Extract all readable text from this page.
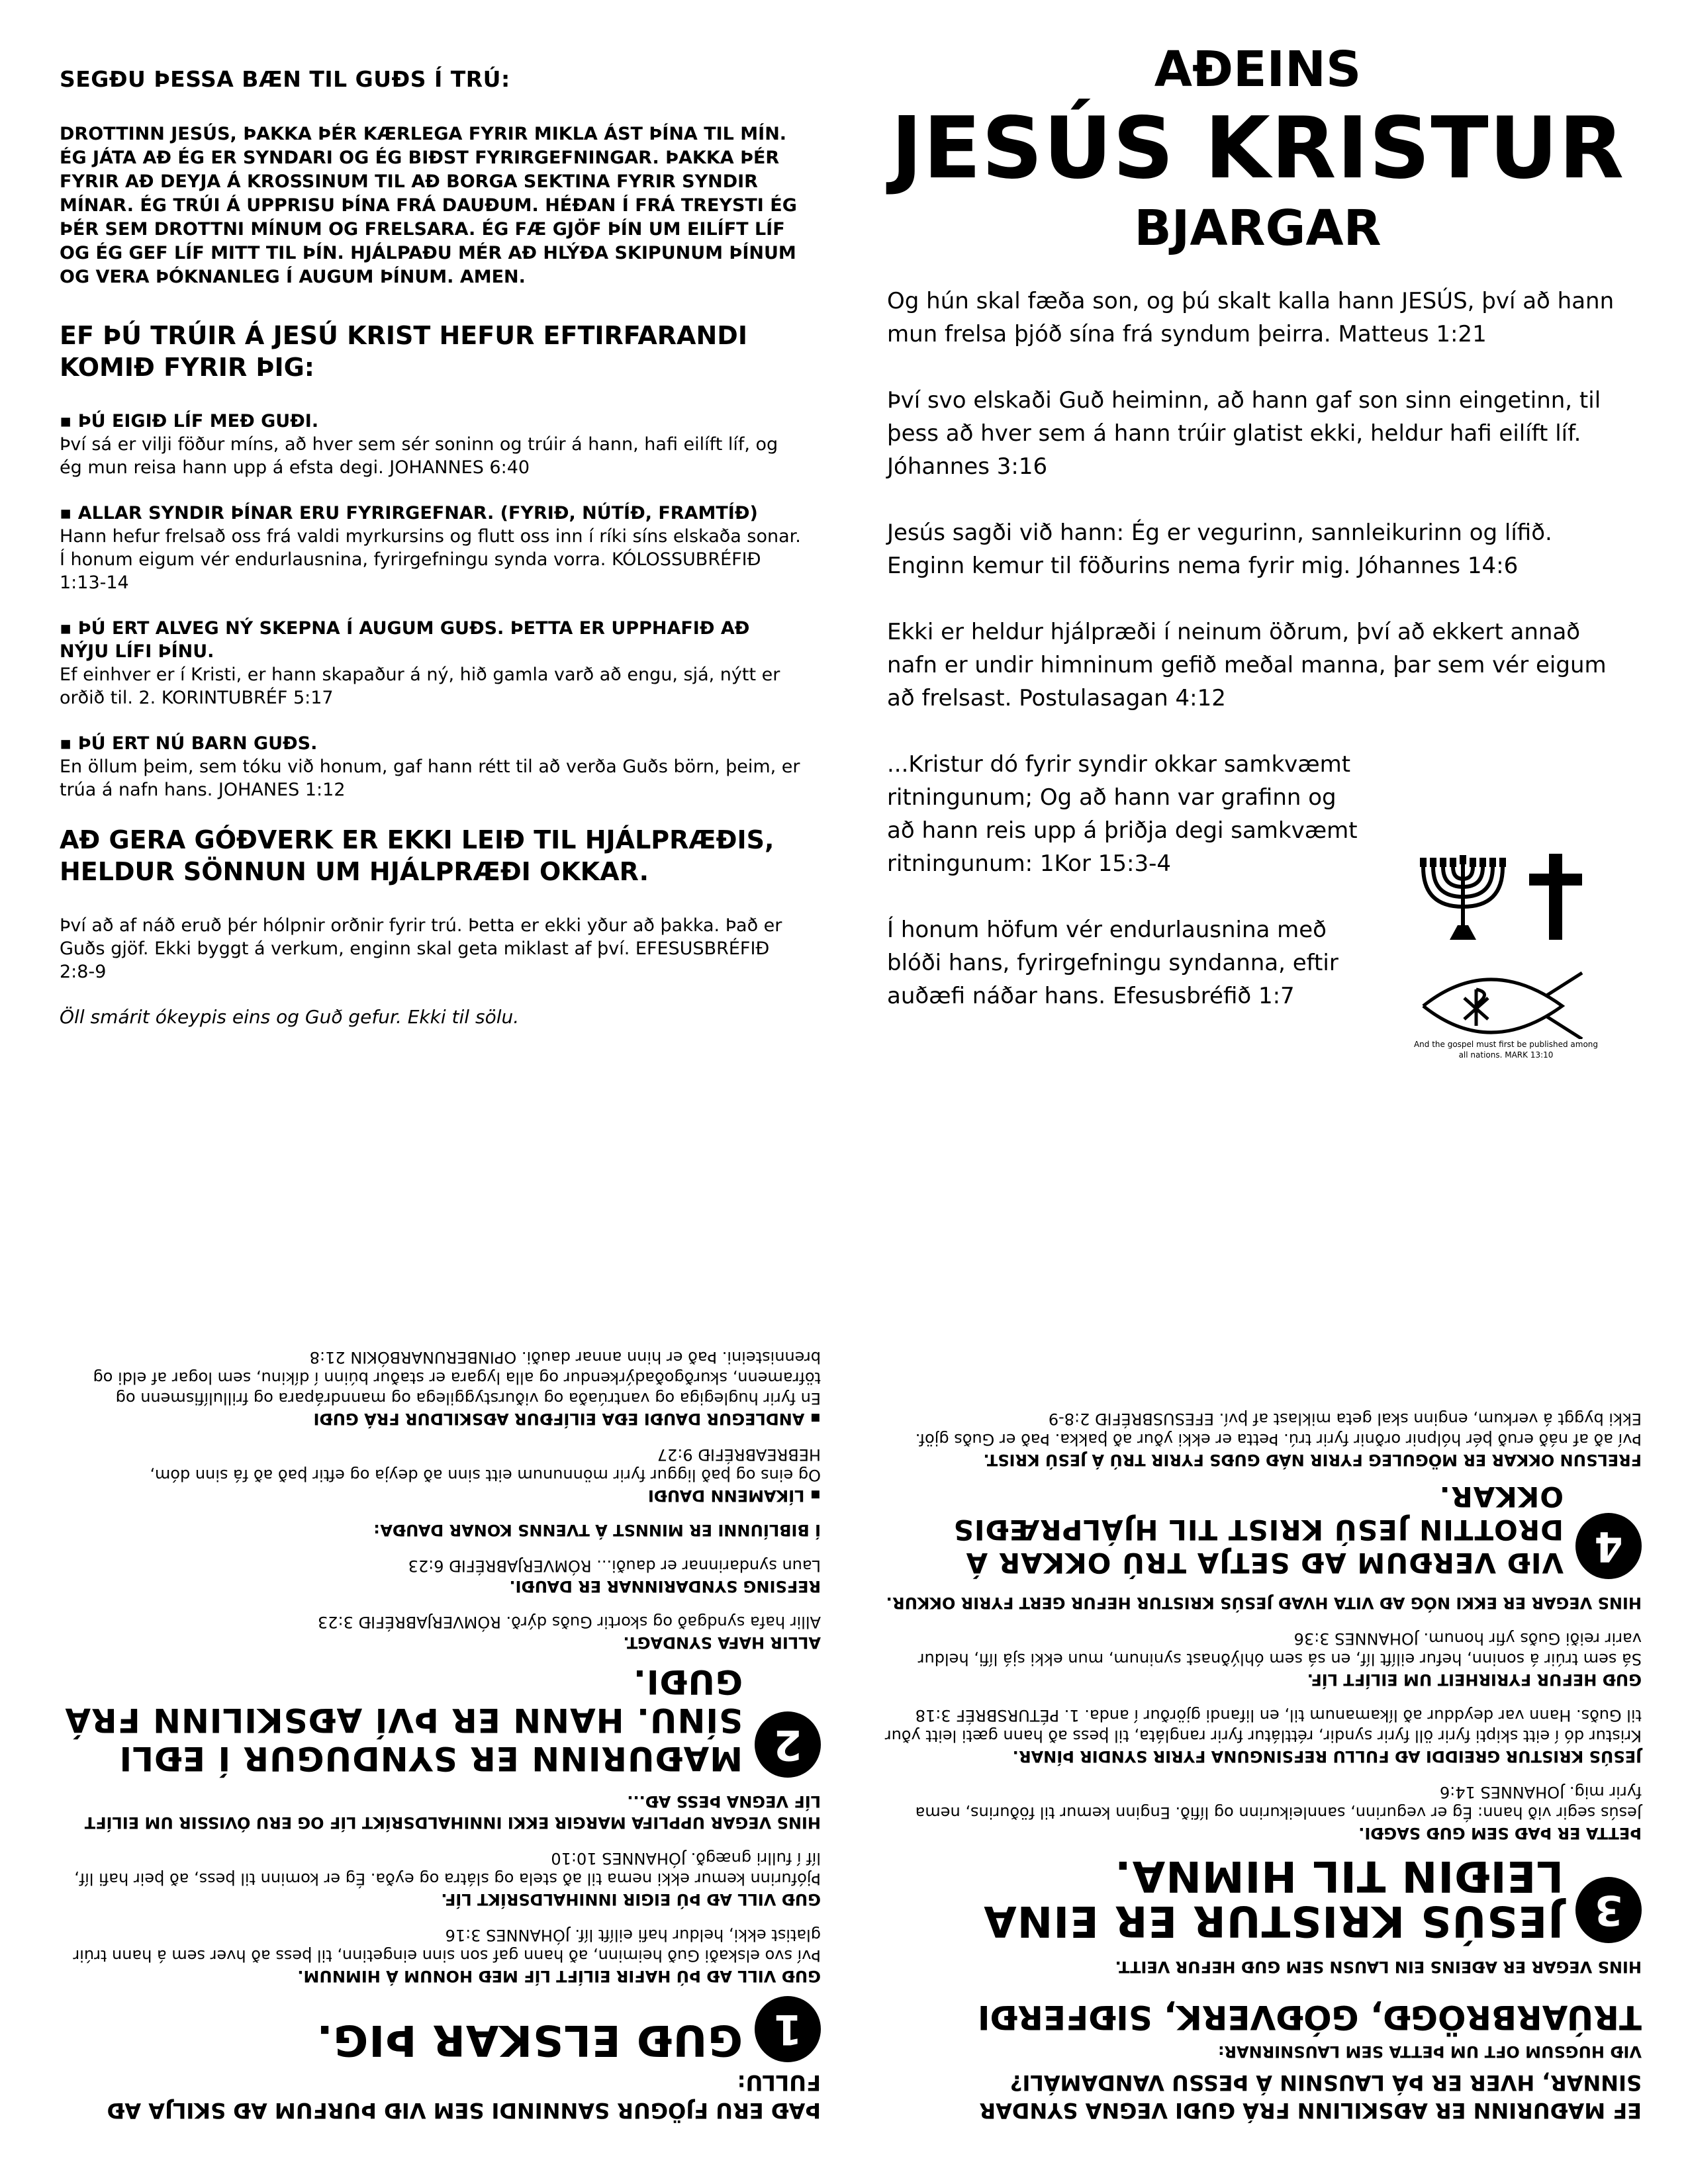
SEGÐU ÞESSA BÆN TIL GUÐS Í TRÚ:
DROTTINN JESÚS, ÞAKKA ÞÉR KÆRLEGA FYRIR MIKLA ÁST ÞÍNA TIL MÍN. ÉG JÁTA AÐ ÉG ER SYNDARI OG ÉG BIÐST FYRIRGEFNINGAR. ÞAKKA ÞÉR FYRIR AÐ DEYJA Á KROSSINUM TIL AÐ BORGA SEKTINA FYRIR SYNDIR MÍNAR. ÉG TRÚI Á UPPRISU ÞÍNA FRÁ DAUÐUM. HÉÐAN Í FRÁ TREYSTI ÉG ÞÉR SEM DROTTNI MÍNUM OG FRELSARA. ÉG FÆ GJÖF ÞÍN UM EILÍFT LÍF OG ÉG GEF LÍF MITT TIL ÞÍN. HJÁLPAÐU MÉR AÐ HLÝÐA SKIPUNUM ÞÍNUM OG VERA ÞÓKNANLEG Í AUGUM ÞÍNUM. AMEN.
EF ÞÚ TRÚIR Á JESÚ KRIST HEFUR EFTIRFARANDI KOMIÐ FYRIR ÞIG:
▪ ÞÚ EIGIÐ LÍF MEÐ GUÐI.
Því sá er vilji föður míns, að hver sem sér soninn og trúir á hann, hafi eilíft líf, og ég mun reisa hann upp á efsta degi. JOHANNES 6:40
▪ ALLAR SYNDIR ÞÍNAR ERU FYRIRGEFNAR. (FYRIÐ, NÚTÍÐ, FRAMTÍÐ)
Hann hefur frelsað oss frá valdi myrkursins og flutt oss inn í ríki síns elskaða sonar. Í honum eigum vér endurlausnina, fyrirgefningu synda vorra. KÓLOSSUBRÉFIÐ 1:13-14
▪ ÞÚ ERT ALVEG NÝ SKEPNA Í AUGUM GUÐS. ÞETTA ER UPPHAFIÐ AÐ NÝJU LÍFI ÞÍNU.
Ef einhver er í Kristi, er hann skapaður á ný, hið gamla varð að engu, sjá, nýtt er orðið til. 2. KORINTUBRÉF 5:17
▪ ÞÚ ERT NÚ BARN GUÐS.
En öllum þeim, sem tóku við honum, gaf hann rétt til að verða Guðs börn, þeim, er trúa á nafn hans. JOHANES 1:12
AÐ GERA GÓÐVERK ER EKKI LEIÐ TIL HJÁLPRÆÐIS, HELDUR SÖNNUN UM HJÁLPRÆÐI OKKAR.
Því að af náð eruð þér hólpnir orðnir fyrir trú. Þetta er ekki yður að þakka. Það er Guðs gjöf. Ekki byggt á verkum, enginn skal geta miklast af því. EFESUSBRÉFIÐ 2:8-9
Öll smárit ókeypis eins og Guð gefur. Ekki til sölu.
AÐEINS
JESÚS KRISTUR
BJARGAR
Og hún skal fæða son, og þú skalt kalla hann JESÚS, því að hann mun frelsa þjóð sína frá syndum þeirra. Matteus 1:21
Því svo elskaði Guð heiminn, að hann gaf son sinn eingetinn, til þess að hver sem á hann trúir glatist ekki, heldur hafi eilíft líf. Jóhannes 3:16
Jesús sagði við hann: Ég er vegurinn, sannleikurinn og lífið. Enginn kemur til föðurins nema fyrir mig. Jóhannes 14:6
Ekki er heldur hjálpræði í neinum öðrum, því að ekkert annað nafn er undir himninum gefið meðal manna, þar sem vér eigum að frelsast. Postulasagan 4:12
...Kristur dó fyrir syndir okkar samkvæmt ritningunum; Og að hann var grafinn og að hann reis upp á þriðja degi samkvæmt ritningunum: 1Kor 15:3-4
Í honum höfum vér endurlausnina með blóði hans, fyrirgefningu syndanna, eftir auðæfi náðar hans. Efesusbréfið 1:7
And the gospel must first be published among all nations. MARK 13:10
ÞAÐ ERU FJÖGUR SANNINDI SEM VIÐ ÞURFUM AÐ SKILJA AÐ FULLU:
1
GUÐ ELSKAR ÞIG.
GUÐ VILL AÐ ÞÚ HAFIR EILÍFT LÍF MEÐ HONUM Á HIMNUM.
Því svo elskaði Guð heiminn, að hann gaf son sinn eingetinn, til þess að hver sem á hann trúir glatist ekki, heldur hafi eilíft líf. JÓHANNES 3:16
GUÐ VILL AÐ ÞÚ EIGIR INNIHALDSRÍKT LÍF.
Þjófurinn kemur ekki nema til að stela og slátra og eyða. Ég er kominn til þess, að þeir hafi líf, líf í fullri gnægð. JÓHANNES 10:10
HINS VEGAR UPPLIFA MARGIR EKKI INNIHALDSRÍKT LÍF OG ERU ÓVISSIR UM EILÍFT LÍF VEGNA ÞESS AÐ...
2
MAÐURINN ER SYNDUGUR Í EÐLI SÍNU. HANN ER ÞVÍ AÐSKILINN FRÁ GUÐI.
ALLIR HAFA SYNDAGT.
Allir hafa syndgað og skortir Guðs dýrð. RÓMVERJABRÉFIÐ 3:23
REFSING SYNDARINNAR ER DAUÐI.
Laun syndarinnar er dauði... RÓMVERJABRÉFIÐ 6:23
Í BIBLÍUNNI ER MINNST Á TVENNS KONAR DAUÐA:
▪ LÍKAMENN DAUÐI
Og eins og það liggur fyrir mönnunum eitt sinn að deyja og eftir það að fá sinn dóm, HEBREABRÉFIÐ 9:27
▪ ANDLEGUR DAUÐI EÐA EILÍFÐUR AÐSKILDUR FRÁ GUÐI
En fyrir huglegiga og vantrúaða og viðurstyggilega og manndrápara og frillulífismenn og töframenn, skurðgoðadýrkendur og alla lygara er staður búinn í díkinu, sem logar af eldi og brennisteini. Það er hinn annar dauði. OPINBERUNARBÓKIN 21:8
EF MAÐURINN ER AÐSKILINN FRÁ GUÐI VEGNA SYNDAR SINNAR, HVER ER ÞÁ LAUSNIN Á ÞESSU VANDAMÁLI?
VIÐ HUGSUM OFT UM ÞETTA SEM LAUSNIRNAR:
TRÚARBRÖGÐ, GÓÐVERK, SIÐFERÐI
HINS VEGAR ER AÐEINS EIN LAUSN SEM GUÐ HEFUR VEITT.
3
JESÚS KRISTUR ER EINA LEIÐIN TIL HIMNA.
ÞETTA ER ÞAÐ SEM GUÐ SAGÐI.
Jesús segir við hann: Ég er vegurinn, sannleikurinn og lífið. Enginn kemur til föðurins, nema fyrir mig. JOHANNES 14:6
JESÚS KRISTUR GREIDDI AÐ FULLU REFSINGUNA FYRIR SYNDIR ÞÍNAR.
Kristur dó í eitt skipti fyrir öll fyrir syndir, réttlátur fyrir rangláta, til þess að hann gæti leitt yður til Guðs. Hann var deyddur að líkamanum til, en lifandi gjörður í anda. 1. PÉTURSBRÉF 3:18
GUÐ HEFUR FYRIRHEIT UM EILÍFT LÍF.
Sá sem trúir á soninn, hefur eilíft líf, en sá sem óhlýðnast syninum, mun ekki sjá lífi, heldur varir reiði Guðs yfir honum. JOHANNES 3:36
HINS VEGAR ER EKKI NÓG AÐ VITA HVAÐ JESÚS KRISTUR HEFUR GERT FYRIR OKKUR.
4
VIÐ VERÐUM AÐ SETJA TRÚ OKKAR Á DROTTIN JESÚ KRIST TIL HJÁLPRÆÐIS OKKAR.
FRELSUN OKKAR ER MÖGULEG FYRIR NÁÐ GUÐS FYRIR TRÚ Á JESÚ KRIST.
Því að af náð eruð þér hólpnir orðnir fyrir trú. Þetta er ekki yður að þakka. Það er Guðs gjöf. Ekki byggt á verkum, enginn skal geta miklast af því. EFESUSBRÉFIÐ 2:8-9
